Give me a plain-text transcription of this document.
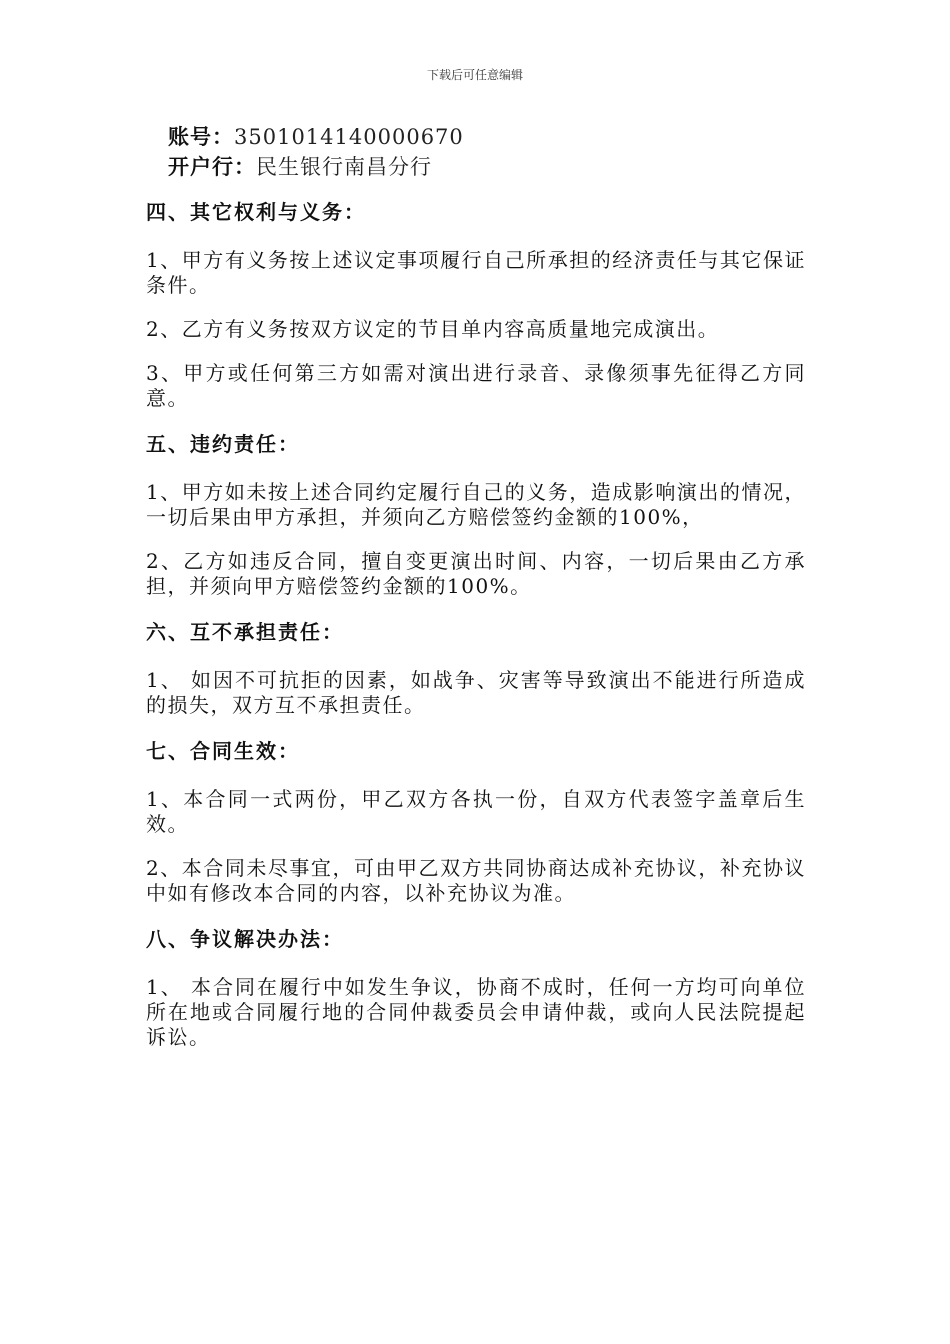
下载后可任意编辑
账号：3501014140000670
开户行：民生银行南昌分行
四、其它权利与义务：
1、甲方有义务按上述议定事项履行自己所承担的经济责任与其它保证条件。
2、乙方有义务按双方议定的节目单内容高质量地完成演出。
3、甲方或任何第三方如需对演出进行录音、录像须事先征得乙方同意。
五、违约责任：
1、甲方如未按上述合同约定履行自己的义务，造成影响演出的情况，一切后果由甲方承担，并须向乙方赔偿签约金额的100%，
2、乙方如违反合同，擅自变更演出时间、内容，一切后果由乙方承担，并须向甲方赔偿签约金额的100%。
六、互不承担责任：
1、 如因不可抗拒的因素，如战争、灾害等导致演出不能进行所造成的损失，双方互不承担责任。
七、合同生效：
1、本合同一式两份，甲乙双方各执一份，自双方代表签字盖章后生效。
2、本合同未尽事宜，可由甲乙双方共同协商达成补充协议，补充协议中如有修改本合同的内容，以补充协议为准。
八、争议解决办法：
1、 本合同在履行中如发生争议，协商不成时，任何一方均可向单位所在地或合同履行地的合同仲裁委员会申请仲裁，或向人民法院提起诉讼。
